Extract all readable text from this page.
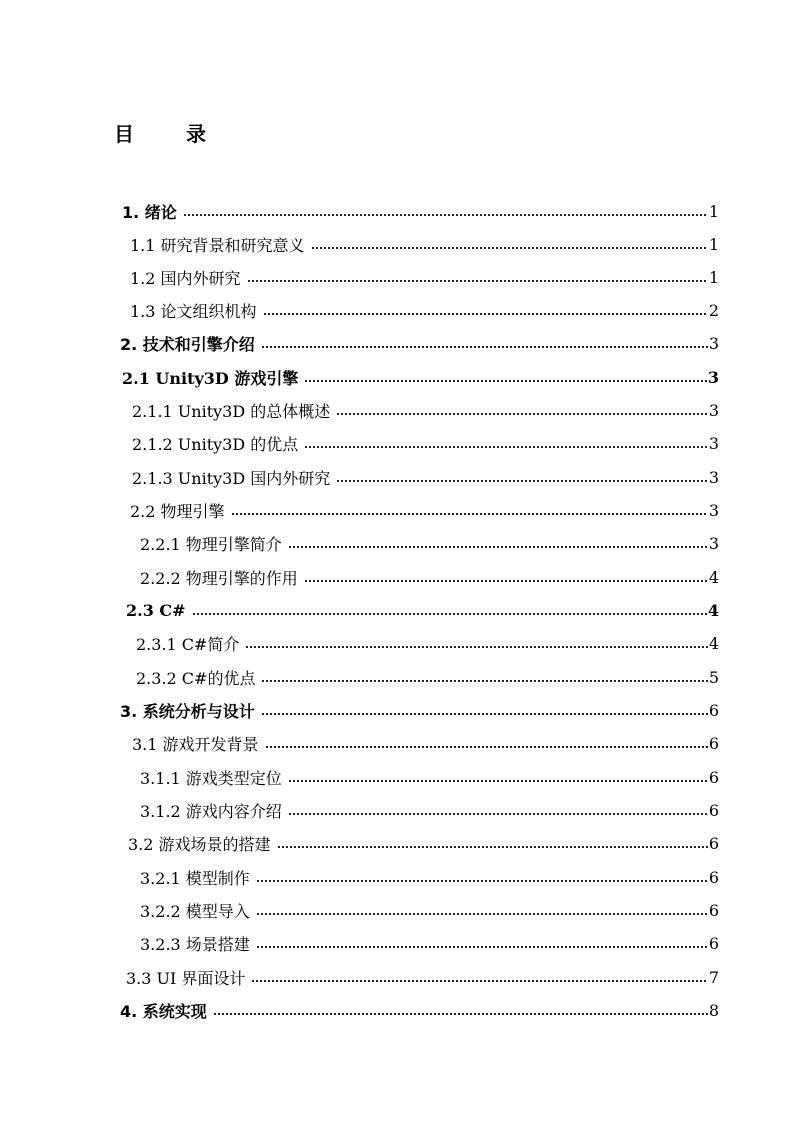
目　录
1. 绪论	1
1.1 研究背景和研究意义	1
1.2 国内外研究	1
1.3 论文组织机构	2
2. 技术和引擎介绍	3
2.1 Unity3D 游戏引擎	3
2.1.1 Unity3D 的总体概述	3
2.1.2 Unity3D 的优点	3
2.1.3 Unity3D 国内外研究	3
2.2 物理引擎	3
2.2.1 物理引擎简介	3
2.2.2 物理引擎的作用	4
2.3 C#	4
2.3.1 C#简介	4
2.3.2 C#的优点	5
3. 系统分析与设计	6
3.1 游戏开发背景	6
3.1.1 游戏类型定位	6
3.1.2 游戏内容介绍	6
3.2 游戏场景的搭建	6
3.2.1 模型制作	6
3.2.2 模型导入	6
3.2.3 场景搭建	6
3.3 UI 界面设计	7
4. 系统实现	8
